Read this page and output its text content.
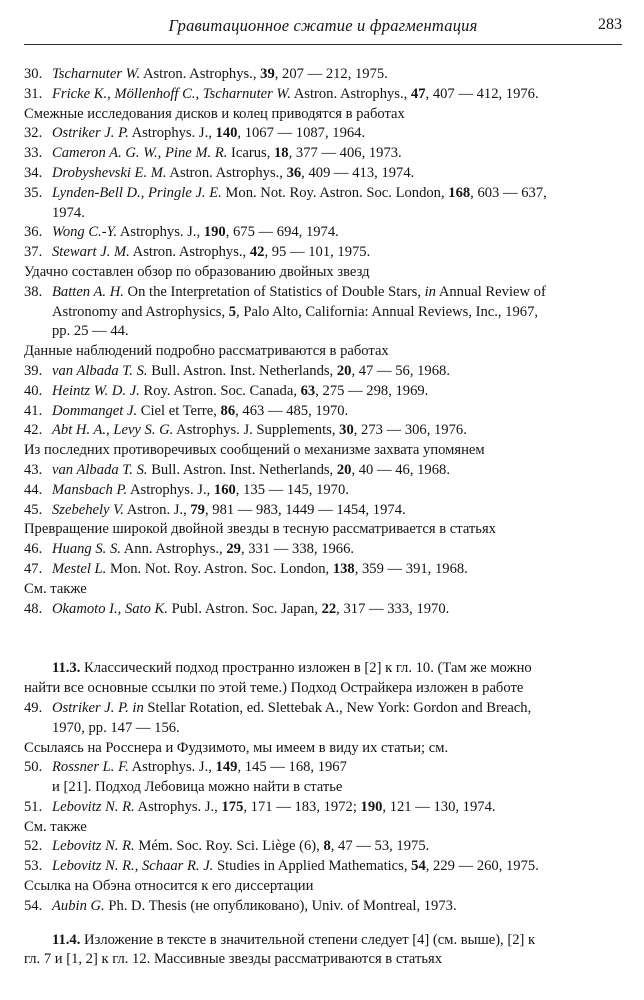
Гравитационное сжатие и фрагментация	283
30. Tscharnuter W. Astron. Astrophys., 39, 207 — 212, 1975.
31. Fricke K., Möllenhoff C., Tscharnuter W. Astron. Astrophys., 47, 407 — 412, 1976.
Смежные исследования дисков и колец приводятся в работах
32. Ostriker J. P. Astrophys. J., 140, 1067 — 1087, 1964.
33. Cameron A. G. W., Pine M. R. Icarus, 18, 377 — 406, 1973.
34. Drobyshevski E. M. Astron. Astrophys., 36, 409 — 413, 1974.
35. Lynden-Bell D., Pringle J. E. Mon. Not. Roy. Astron. Soc. London, 168, 603 — 637,
1974.
36. Wong C.-Y. Astrophys. J., 190, 675 — 694, 1974.
37. Stewart J. M. Astron. Astrophys., 42, 95 — 101, 1975.
Удачно составлен обзор по образованию двойных звезд
38. Batten A. H. On the Interpretation of Statistics of Double Stars, in Annual Review of
Astronomy and Astrophysics, 5, Palo Alto, California: Annual Reviews, Inc., 1967,
pp. 25 — 44.
Данные наблюдений подробно рассматриваются в работах
39. van Albada T. S. Bull. Astron. Inst. Netherlands, 20, 47 — 56, 1968.
40. Heintz W. D. J. Roy. Astron. Soc. Canada, 63, 275 — 298, 1969.
41. Dommanget J. Ciel et Terre, 86, 463 — 485, 1970.
42. Abt H. A., Levy S. G. Astrophys. J. Supplements, 30, 273 — 306, 1976.
Из последних противоречивых сообщений о механизме захвата упомянем
43. van Albada T. S. Bull. Astron. Inst. Netherlands, 20, 40 — 46, 1968.
44. Mansbach P. Astrophys. J., 160, 135 — 145, 1970.
45. Szebehely V. Astron. J., 79, 981 — 983, 1449 — 1454, 1974.
Превращение широкой двойной звезды в тесную рассматривается в статьях
46. Huang S. S. Ann. Astrophys., 29, 331 — 338, 1966.
47. Mestel L. Mon. Not. Roy. Astron. Soc. London, 138, 359 — 391, 1968.
См. также
48. Okamoto I., Sato K. Publ. Astron. Soc. Japan, 22, 317 — 333, 1970.
11.3. Классический подход пространно изложен в [2] к гл. 10. (Там же можно
найти все основные ссылки по этой теме.) Подход Острайкера изложен в работе
49. Ostriker J. P. in Stellar Rotation, ed. Slettebak A., New York: Gordon and Breach,
1970, pp. 147 — 156.
Ссылаясь на Росснера и Фудзимото, мы имеем в виду их статьи; см.
50. Rossner L. F. Astrophys. J., 149, 145 — 168, 1967
и [21]. Подход Лебовица можно найти в статье
51. Lebovitz N. R. Astrophys. J., 175, 171 — 183, 1972; 190, 121 — 130, 1974.
См. также
52. Lebovitz N. R. Mém. Soc. Roy. Sci. Liège (6), 8, 47 — 53, 1975.
53. Lebovitz N. R., Schaar R. J. Studies in Applied Mathematics, 54, 229 — 260, 1975.
Ссылка на Обэна относится к его диссертации
54. Aubin G. Ph. D. Thesis (не опубликовано), Univ. of Montreal, 1973.
11.4. Изложение в тексте в значительной степени следует [4] (см. выше), [2] к
гл. 7 и [1, 2] к гл. 12. Массивные звезды рассматриваются в статьях
